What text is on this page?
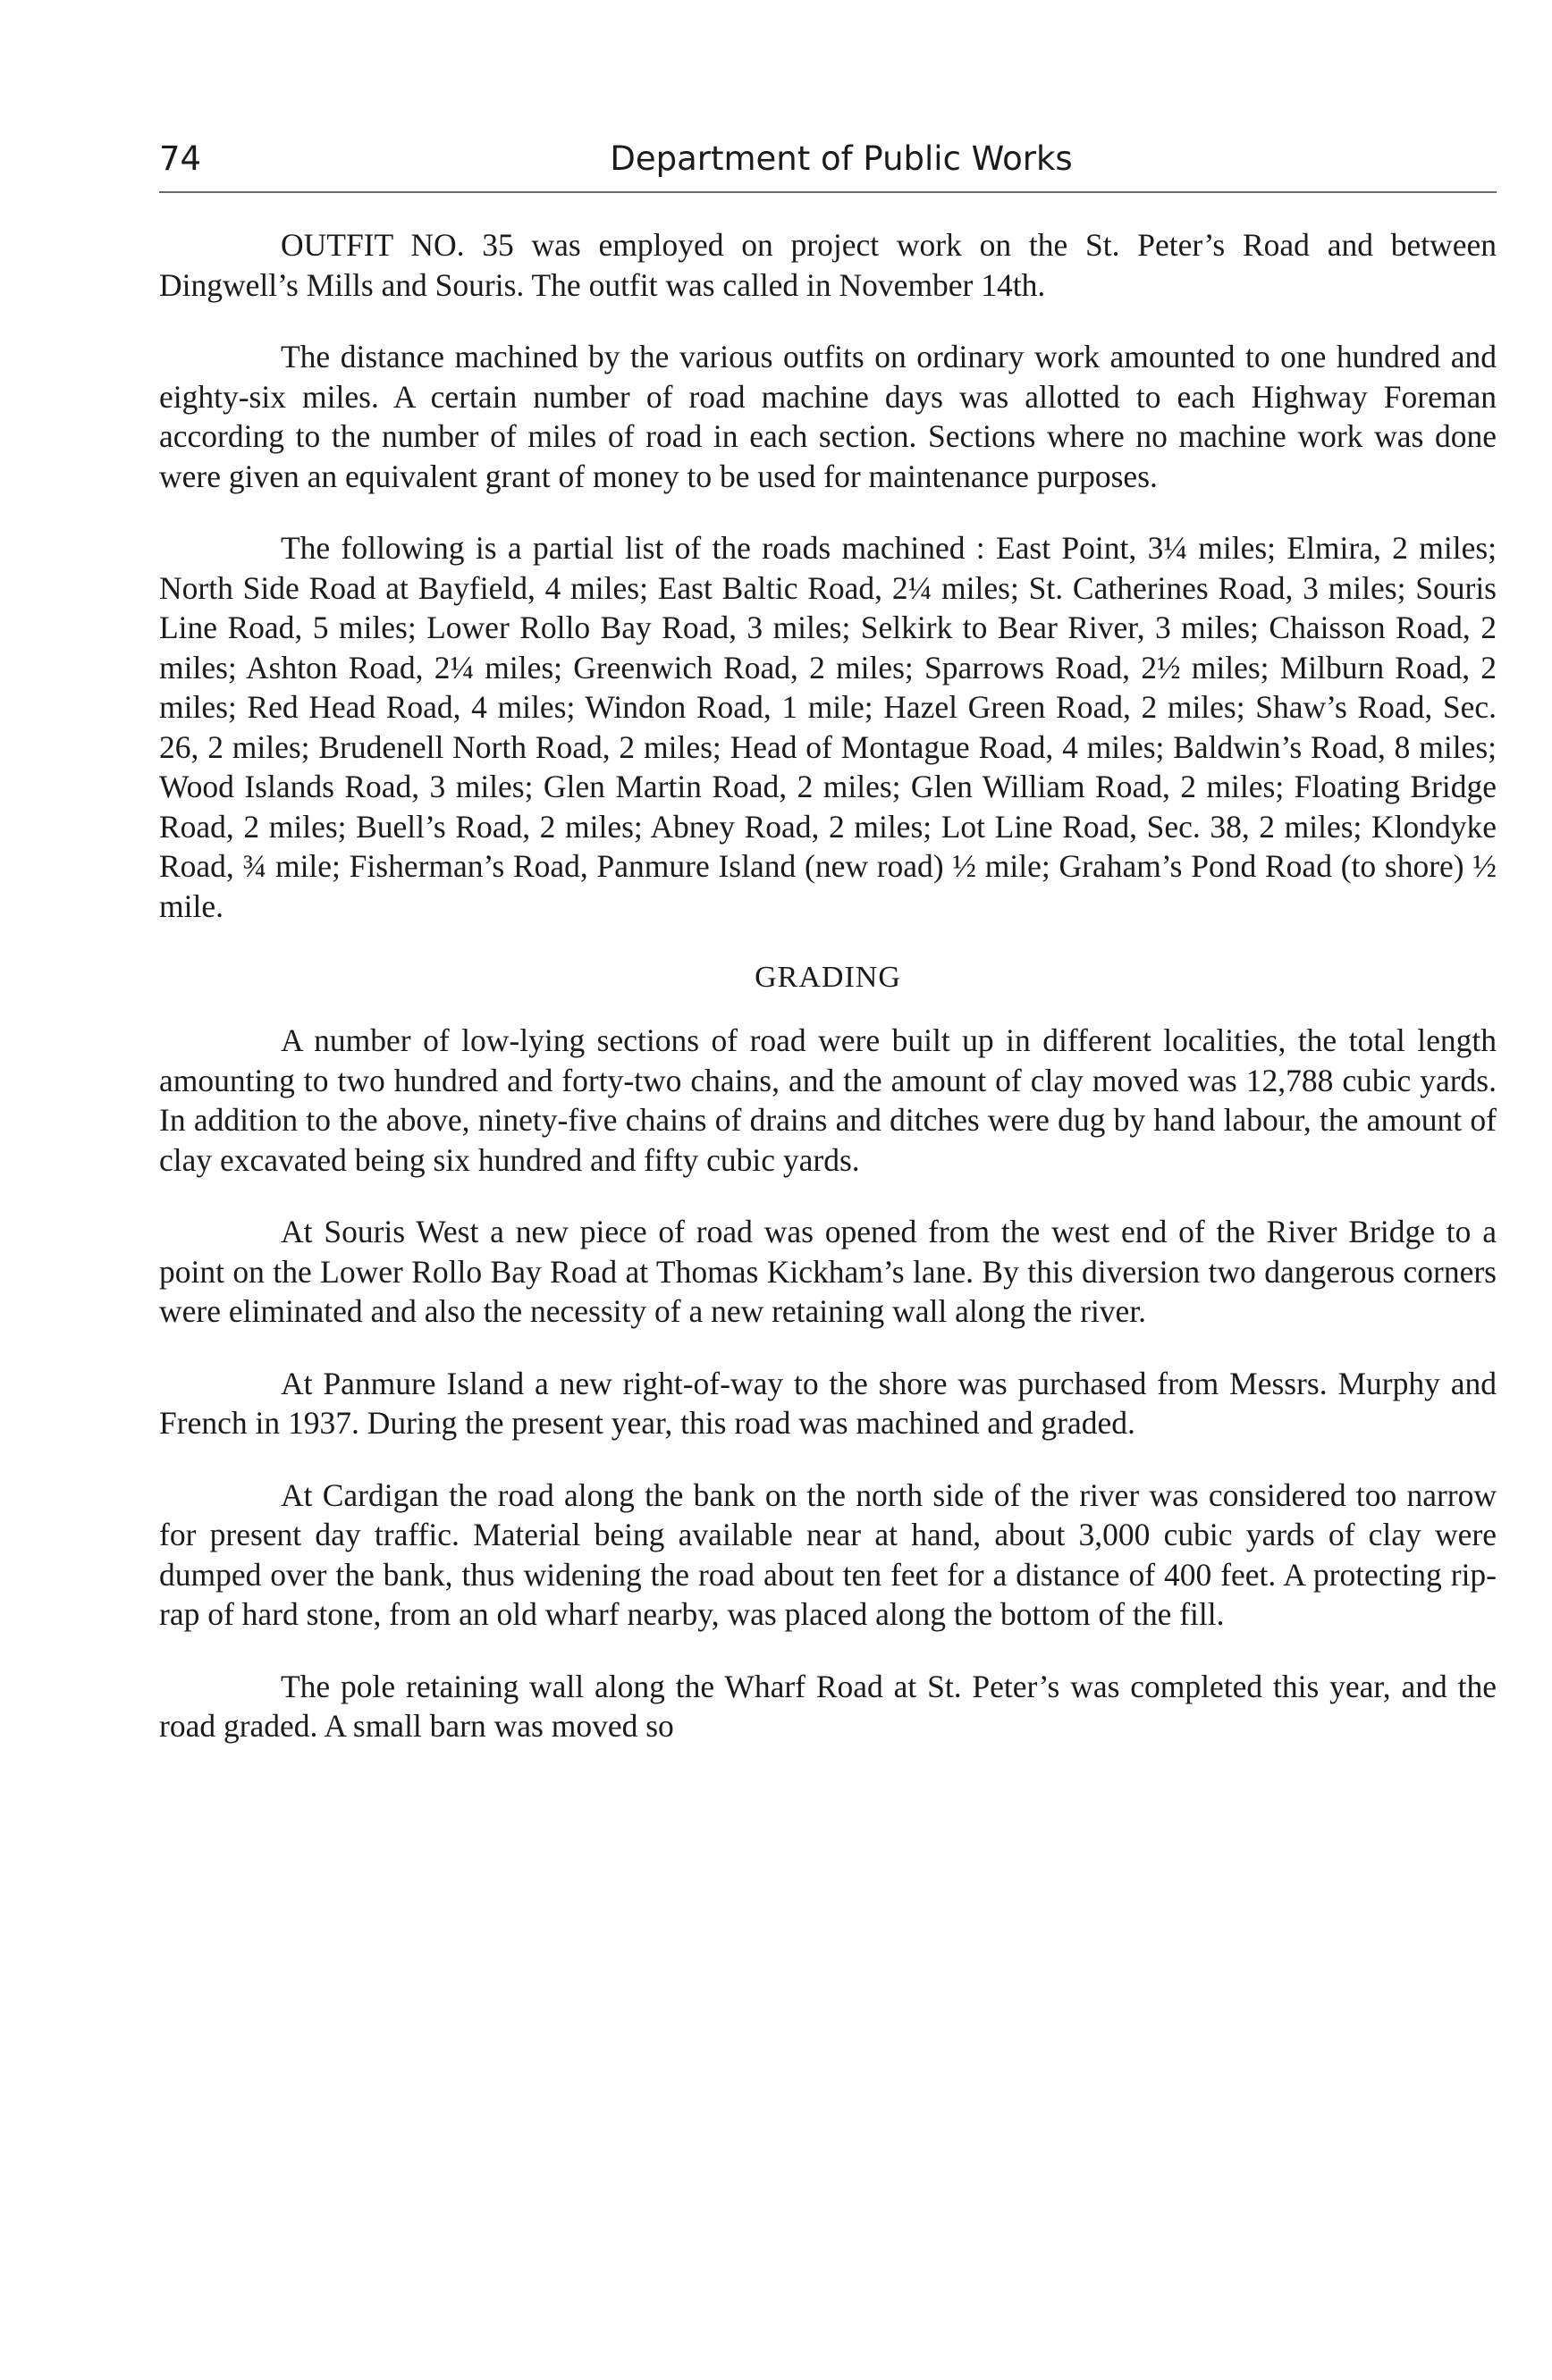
74	Department of Public Works

OUTFIT NO. 35 was employed on project work on the St. Peter’s Road and between Dingwell’s Mills and Souris. The outfit was called in November 14th.

The distance machined by the various outfits on ordinary work amounted to one hundred and eighty-six miles. A certain number of road machine days was allotted to each Highway Foreman according to the number of miles of road in each section. Sections where no machine work was done were given an equivalent grant of money to be used for maintenance purposes.

The following is a partial list of the roads machined : East Point, 3¼ miles; Elmira, 2 miles; North Side Road at Bayfield, 4 miles; East Baltic Road, 2¼ miles; St. Catherines Road, 3 miles; Souris Line Road, 5 miles; Lower Rollo Bay Road, 3 miles; Selkirk to Bear River, 3 miles; Chaisson Road, 2 miles; Ashton Road, 2¼ miles; Greenwich Road, 2 miles; Sparrows Road, 2½ miles; Milburn Road, 2 miles; Red Head Road, 4 miles; Windon Road, 1 mile; Hazel Green Road, 2 miles; Shaw’s Road, Sec. 26, 2 miles; Brudenell North Road, 2 miles; Head of Montague Road, 4 miles; Baldwin’s Road, 8 miles; Wood Islands Road, 3 miles; Glen Martin Road, 2 miles; Glen William Road, 2 miles; Floating Bridge Road, 2 miles; Buell’s Road, 2 miles; Abney Road, 2 miles; Lot Line Road, Sec. 38, 2 miles; Klondyke Road, ¾ mile; Fisherman’s Road, Panmure Island (new road) ½ mile; Graham’s Pond Road (to shore) ½ mile.

GRADING

A number of low-lying sections of road were built up in different localities, the total length amounting to two hundred and forty-two chains, and the amount of clay moved was 12,788 cubic yards. In addition to the above, ninety-five chains of drains and ditches were dug by hand labour, the amount of clay excavated being six hundred and fifty cubic yards.

At Souris West a new piece of road was opened from the west end of the River Bridge to a point on the Lower Rollo Bay Road at Thomas Kickham’s lane. By this diversion two dangerous corners were eliminated and also the necessity of a new retaining wall along the river.

At Panmure Island a new right-of-way to the shore was purchased from Messrs. Murphy and French in 1937. During the present year, this road was machined and graded.

At Cardigan the road along the bank on the north side of the river was considered too narrow for present day traffic. Material being available near at hand, about 3,000 cubic yards of clay were dumped over the bank, thus widening the road about ten feet for a distance of 400 feet. A protecting rip-rap of hard stone, from an old wharf nearby, was placed along the bottom of the fill.

The pole retaining wall along the Wharf Road at St. Peter’s was completed this year, and the road graded. A small barn was moved so
